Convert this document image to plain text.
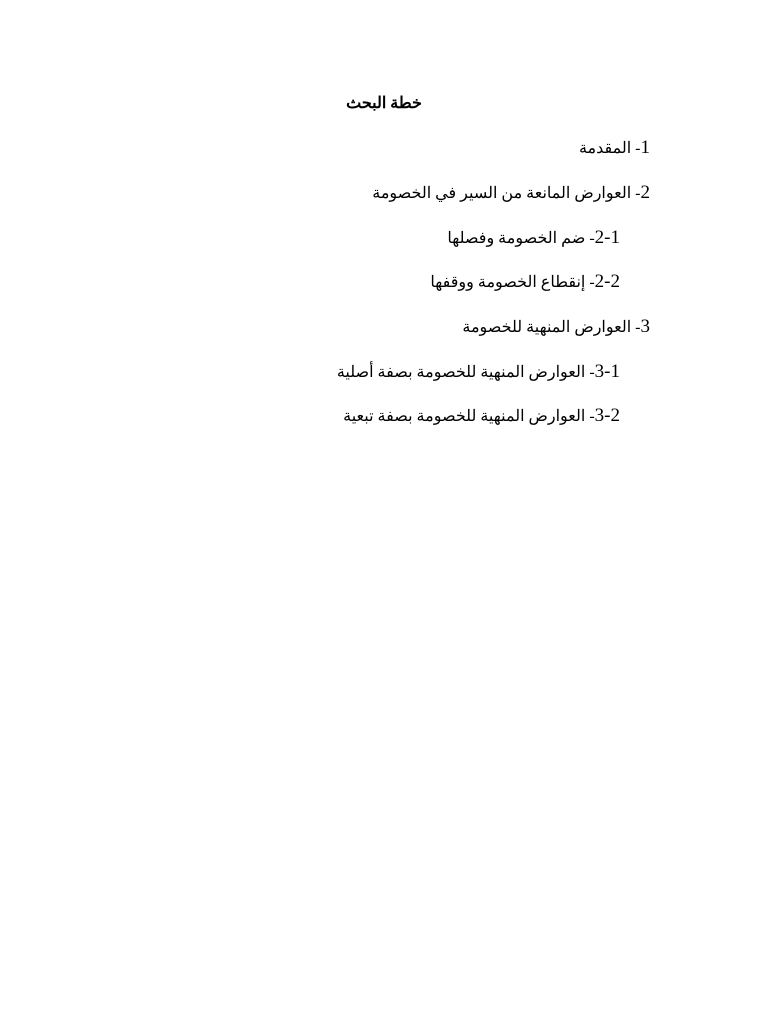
خطة البحث
1- المقدمة
2- العوارض المانعة من السير في الخصومة
2-1- ضم الخصومة وفصلها
2-2- إنقطاع الخصومة ووقفها
3- العوارض المنهية للخصومة
3-1- العوارض المنهية للخصومة بصفة أصلية
3-2- العوارض المنهية للخصومة بصفة تبعية
